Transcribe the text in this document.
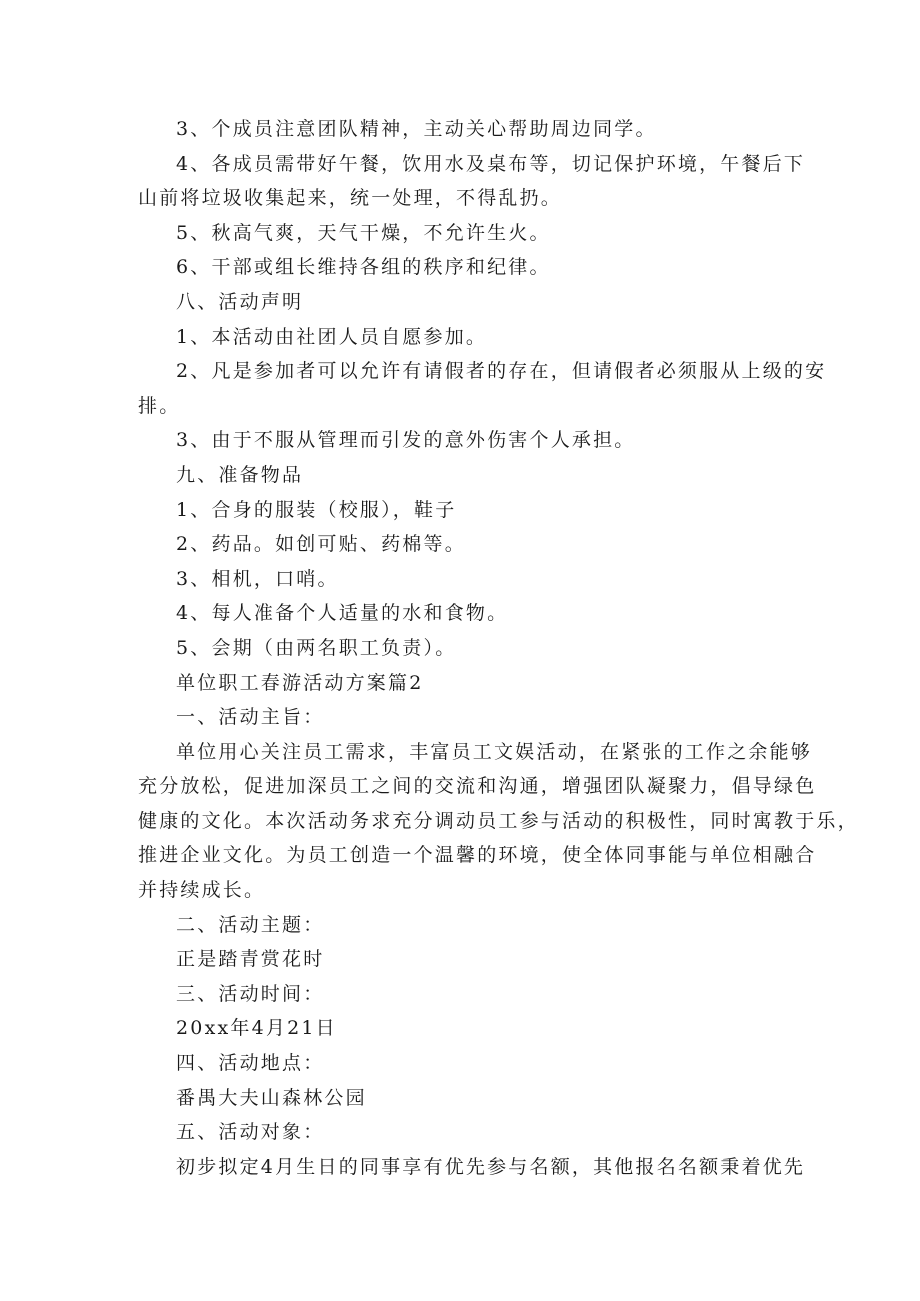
3、个成员注意团队精神，主动关心帮助周边同学。
4、各成员需带好午餐，饮用水及桌布等，切记保护环境，午餐后下
山前将垃圾收集起来，统一处理，不得乱扔。
5、秋高气爽，天气干燥，不允许生火。
6、干部或组长维持各组的秩序和纪律。
八、活动声明
1、本活动由社团人员自愿参加。
2、凡是参加者可以允许有请假者的存在，但请假者必须服从上级的安
排。
3、由于不服从管理而引发的意外伤害个人承担。
九、准备物品
1、合身的服装（校服），鞋子
2、药品。如创可贴、药棉等。
3、相机，口哨。
4、每人准备个人适量的水和食物。
5、会期（由两名职工负责）。
单位职工春游活动方案篇2
一、活动主旨：
单位用心关注员工需求，丰富员工文娱活动，在紧张的工作之余能够
充分放松，促进加深员工之间的交流和沟通，增强团队凝聚力，倡导绿色
健康的文化。本次活动务求充分调动员工参与活动的积极性，同时寓教于乐，
推进企业文化。为员工创造一个温馨的环境，使全体同事能与单位相融合
并持续成长。
二、活动主题：
正是踏青赏花时
三、活动时间：
20xx年4月21日
四、活动地点：
番禺大夫山森林公园
五、活动对象：
初步拟定4月生日的同事享有优先参与名额，其他报名名额秉着优先
